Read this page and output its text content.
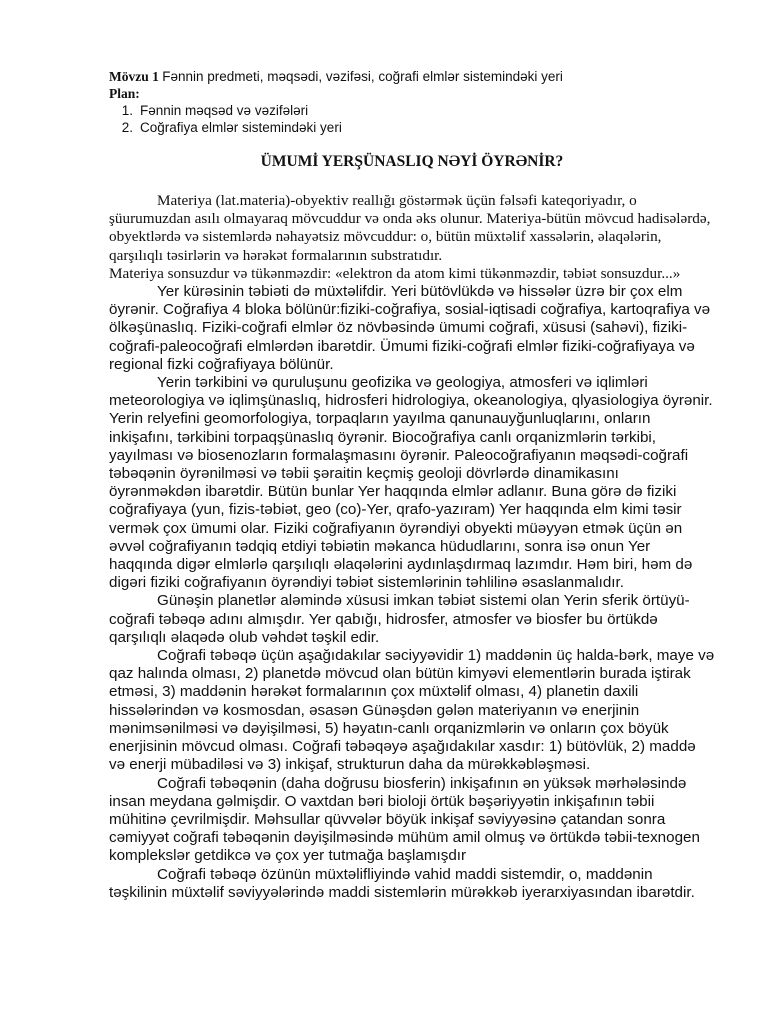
Mövzu 1 Fənnin predmeti, məqsədi, vəzifəsi, coğrafi elmlər sistemindəki yeri

Plan:

1. Fənnin məqsəd və vəzifələri
2. Coğrafiya elmlər sistemindəki yeri
ÜMUMİ YERŞÜNASLIQ NƏYİ ÖYRƏNİR?

Materiya (lat.materia)-obyektiv reallığı göstərmək üçün fəlsəfi kateqoriyadır, o şüurumuzdan asılı olmayaraq mövcuddur və onda əks olunur. Materiya-bütün mövcud hadisələrdə, obyektlərdə və sistemlərdə nəhayətsiz mövcuddur: o, bütün müxtəlif xassələrin, əlaqələrin, qarşılıqlı təsirlərin və hərəkət formalarının substratıdır.

Materiya sonsuzdur və tükənməzdir: «elektron da atom kimi tükənməzdir, təbiət sonsuzdur...»

Yer kürəsinin təbiəti də müxtəlifdir. Yeri bütövlükdə və hissələr üzrə bir çox elm öyrənir. Coğrafiya 4 bloka bölünür:fiziki-coğrafiya, sosial-iqtisadi coğrafiya, kartoqrafiya və ölkəşünaslıq. Fiziki-coğrafi elmlər öz növbəsində ümumi coğrafi, xüsusi (sahəvi), fiziki-coğrafi-paleocoğrafi elmlərdən ibarətdir. Ümumi fiziki-coğrafi elmlər fiziki-coğrafiyaya və regional fizki coğrafiyaya bölünür.

Yerin tərkibini və quruluşunu geofizika və geologiya, atmosferi və iqlimləri meteorologiya və iqlimşünaslıq, hidrosferi hidrologiya, okeanologiya, qlyasiologiya öyrənir. Yerin relyefini geomorfologiya, torpaqların yayılma qanunauyğunluqlarını, onların inkişafını, tərkibini torpaqşünaslıq öyrənir. Biocoğrafiya canlı orqanizmlərin tərkibi, yayılması və biosenozların formalaşmasını öyrənir. Paleocoğrafiyanın məqsədi-coğrafi təbəqənin öyrənilməsi və təbii şəraitin keçmiş geoloji dövrlərdə dinamikasını öyrənməkdən ibarətdir. Bütün bunlar Yer haqqında elmlər adlanır. Buna görə də fiziki coğrafiyaya (yun, fizis-təbiət, geo (co)-Yer, qrafo-yazıram) Yer haqqında elm kimi təsir vermək çox ümumi olar. Fiziki coğrafiyanın öyrəndiyi obyekti müəyyən etmək üçün ən əvvəl coğrafiyanın tədqiq etdiyi təbiətin məkanca hüdudlarını, sonra isə onun Yer haqqında digər elmlərlə qarşılıqlı əlaqələrini aydınlaşdırmaq lazımdır. Həm biri, həm də digəri fiziki coğrafiyanın öyrəndiyi təbiət sistemlərinin təhlilinə əsaslanmalıdır.

Günəşin planetlər aləmində xüsusi imkan təbiət sistemi olan Yerin sferik örtüyü-coğrafi təbəqə adını almışdır. Yer qabığı, hidrosfer, atmosfer və biosfer bu örtükdə qarşılıqlı əlaqədə olub vəhdət təşkil edir.

Coğrafi təbəqə üçün aşağıdakılar səciyyəvidir 1) maddənin üç halda-bərk, maye və qaz halında olması, 2) planetdə mövcud olan bütün kimyəvi elementlərin burada iştirak etməsi, 3) maddənin hərəkət formalarının çox müxtəlif olması, 4) planetin daxili hissələrindən və kosmosdan, əsasən Günəşdən gələn materiyanın və enerjinin mənimsənilməsi və dəyişilməsi, 5) həyatın-canlı orqanizmlərin və onların çox böyük enerjisinin mövcud olması. Coğrafi təbəqəyə aşağıdakılar xasdır: 1) bütövlük, 2) maddə və enerji mübadiləsi və 3) inkişaf, strukturun daha da mürəkkəbləşməsi.

Coğrafi təbəqənin (daha doğrusu biosferin) inkişafının ən yüksək mərhələsində insan meydana gəlmişdir. O vaxtdan bəri bioloji örtük bəşəriyyətin inkişafının təbii mühitinə çevrilmişdir. Məhsullar qüvvələr böyük inkişaf səviyyəsinə çatandan sonra cəmiyyət coğrafi təbəqənin dəyişilməsində mühüm amil olmuş və örtükdə təbii-texnogen komplekslər getdikcə və çox yer tutmağa başlamışdır

Coğrafi təbəqə özünün müxtəlifliyində vahid maddi sistemdir, o, maddənin təşkilinin müxtəlif səviyyələrində maddi sistemlərin mürəkkəb iyerarxiyasından ibarətdir.
